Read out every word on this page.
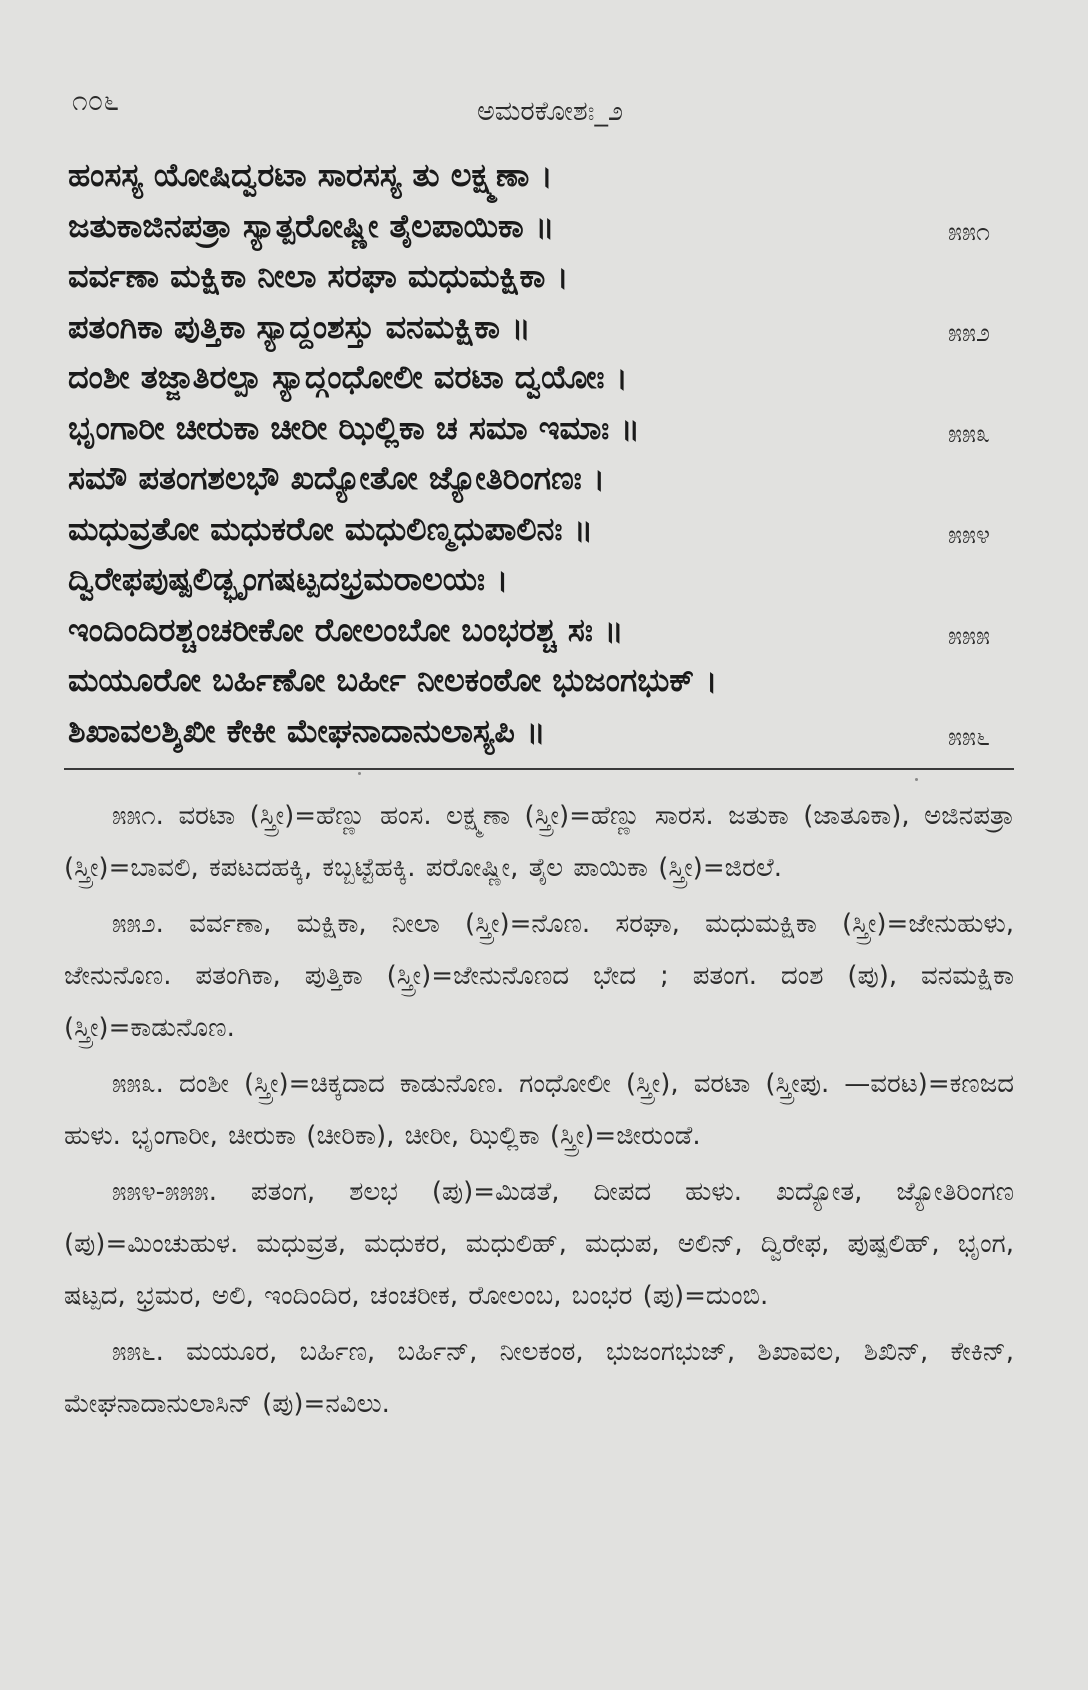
೧೦೬	ಅಮರಕೋಶಃ_೨
ಹಂಸಸ್ಯ ಯೋಷಿದ್ವರಟಾ ಸಾರಸಸ್ಯ ತು ಲಕ್ಷ್ಮಣಾ ।
ಜತುಕಾಜಿನಪತ್ರಾ ಸ್ಯಾತ್ಪರೋಷ್ಣೀ ತೈಲಪಾಯಿಕಾ ॥	೫೫೧
ವರ್ವಣಾ ಮಕ್ಷಿಕಾ ನೀಲಾ ಸರಘಾ ಮಧುಮಕ್ಷಿಕಾ ।
ಪತಂಗಿಕಾ ಪುತ್ತಿಕಾ ಸ್ಯಾದ್ದಂಶಸ್ತು ವನಮಕ್ಷಿಕಾ ॥	೫೫೨
ದಂಶೀ ತಜ್ಜಾತಿರಲ್ಪಾ ಸ್ಯಾದ್ಗಂಧೋಲೀ ವರಟಾ ದ್ವಯೋಃ ।
ಭೃಂಗಾರೀ ಚೀರುಕಾ ಚೀರೀ ಝಿಲ್ಲಿಕಾ ಚ ಸಮಾ ಇಮಾಃ ॥	೫೫೩
ಸಮೌ ಪತಂಗಶಲಭೌ ಖದ್ಯೋತೋ ಜ್ಯೋತಿರಿಂಗಣಃ ।
ಮಧುವ್ರತೋ ಮಧುಕರೋ ಮಧುಲಿಣ್ಮಧುಪಾಲಿನಃ ॥	೫೫೪
ದ್ವಿರೇಫಪುಷ್ಪಲಿಡ್ಭೃಂಗಷಟ್ಪದಭ್ರಮರಾಲಯಃ ।
ಇಂದಿಂದಿರಶ್ಚಂಚರೀಕೋ ರೋಲಂಬೋ ಬಂಭರಶ್ಚ ಸಃ ॥	೫೫೫
ಮಯೂರೋ ಬರ್ಹಿಣೋ ಬರ್ಹೀ ನೀಲಕಂಠೋ ಭುಜಂಗಭುಕ್ ।
ಶಿಖಾವಲಶ್ಶಿಖೀ ಕೇಕೀ ಮೇಘನಾದಾನುಲಾಸ್ಯಪಿ ॥	೫೫೬

೫೫೧. ವರಟಾ (ಸ್ತ್ರೀ)=ಹೆಣ್ಣು ಹಂಸ. ಲಕ್ಷ್ಮಣಾ (ಸ್ತ್ರೀ)=ಹೆಣ್ಣು ಸಾರಸ. ಜತುಕಾ (ಜಾತೂಕಾ), ಅಜಿನಪತ್ರಾ (ಸ್ತ್ರೀ)=ಬಾವಲಿ, ಕಪಟದಹಕ್ಕಿ, ಕಬ್ಬಟ್ಟೆಹಕ್ಕಿ. ಪರೋಷ್ಣೀ, ತೈಲ ಪಾಯಿಕಾ (ಸ್ತ್ರೀ)=ಜಿರಲೆ.

೫೫೨. ವರ್ವಣಾ, ಮಕ್ಷಿಕಾ, ನೀಲಾ (ಸ್ತ್ರೀ)=ನೊಣ. ಸರಘಾ, ಮಧುಮಕ್ಷಿಕಾ (ಸ್ತ್ರೀ)=ಜೇನುಹುಳು, ಜೇನುನೊಣ. ಪತಂಗಿಕಾ, ಪುತ್ತಿಕಾ (ಸ್ತ್ರೀ)=ಜೇನುನೊಣದ ಭೇದ ; ಪತಂಗ. ದಂಶ (ಪು), ವನಮಕ್ಷಿಕಾ (ಸ್ತ್ರೀ)=ಕಾಡುನೊಣ.

೫೫೩. ದಂಶೀ (ಸ್ತ್ರೀ)=ಚಿಕ್ಕದಾದ ಕಾಡುನೊಣ. ಗಂಧೋಲೀ (ಸ್ತ್ರೀ), ವರಟಾ (ಸ್ತ್ರೀಪು. —ವರಟ)=ಕಣಜದ ಹುಳು. ಭೃಂಗಾರೀ, ಚೀರುಕಾ (ಚೀರಿಕಾ), ಚೀರೀ, ಝಿಲ್ಲಿಕಾ (ಸ್ತ್ರೀ)=ಜೀರುಂಡೆ.

೫೫೪-೫೫೫. ಪತಂಗ, ಶಲಭ (ಪು)=ಮಿಡತೆ, ದೀಪದ ಹುಳು. ಖದ್ಯೋತ, ಜ್ಯೋತಿರಿಂಗಣ (ಪು)=ಮಿಂಚುಹುಳ. ಮಧುವ್ರತ, ಮಧುಕರ, ಮಧುಲಿಹ್, ಮಧುಪ, ಅಲಿನ್, ದ್ವಿರೇಫ, ಪುಷ್ಪಲಿಹ್, ಭೃಂಗ, ಷಟ್ಪದ, ಭ್ರಮರ, ಅಲಿ, ಇಂದಿಂದಿರ, ಚಂಚರೀಕ, ರೋಲಂಬ, ಬಂಭರ (ಪು)=ದುಂಬಿ.

೫೫೬. ಮಯೂರ, ಬರ್ಹಿಣ, ಬರ್ಹಿನ್, ನೀಲಕಂಠ, ಭುಜಂಗಭುಜ್, ಶಿಖಾವಲ, ಶಿಖಿನ್, ಕೇಕಿನ್, ಮೇಘನಾದಾನುಲಾಸಿನ್ (ಪು)=ನವಿಲು.
